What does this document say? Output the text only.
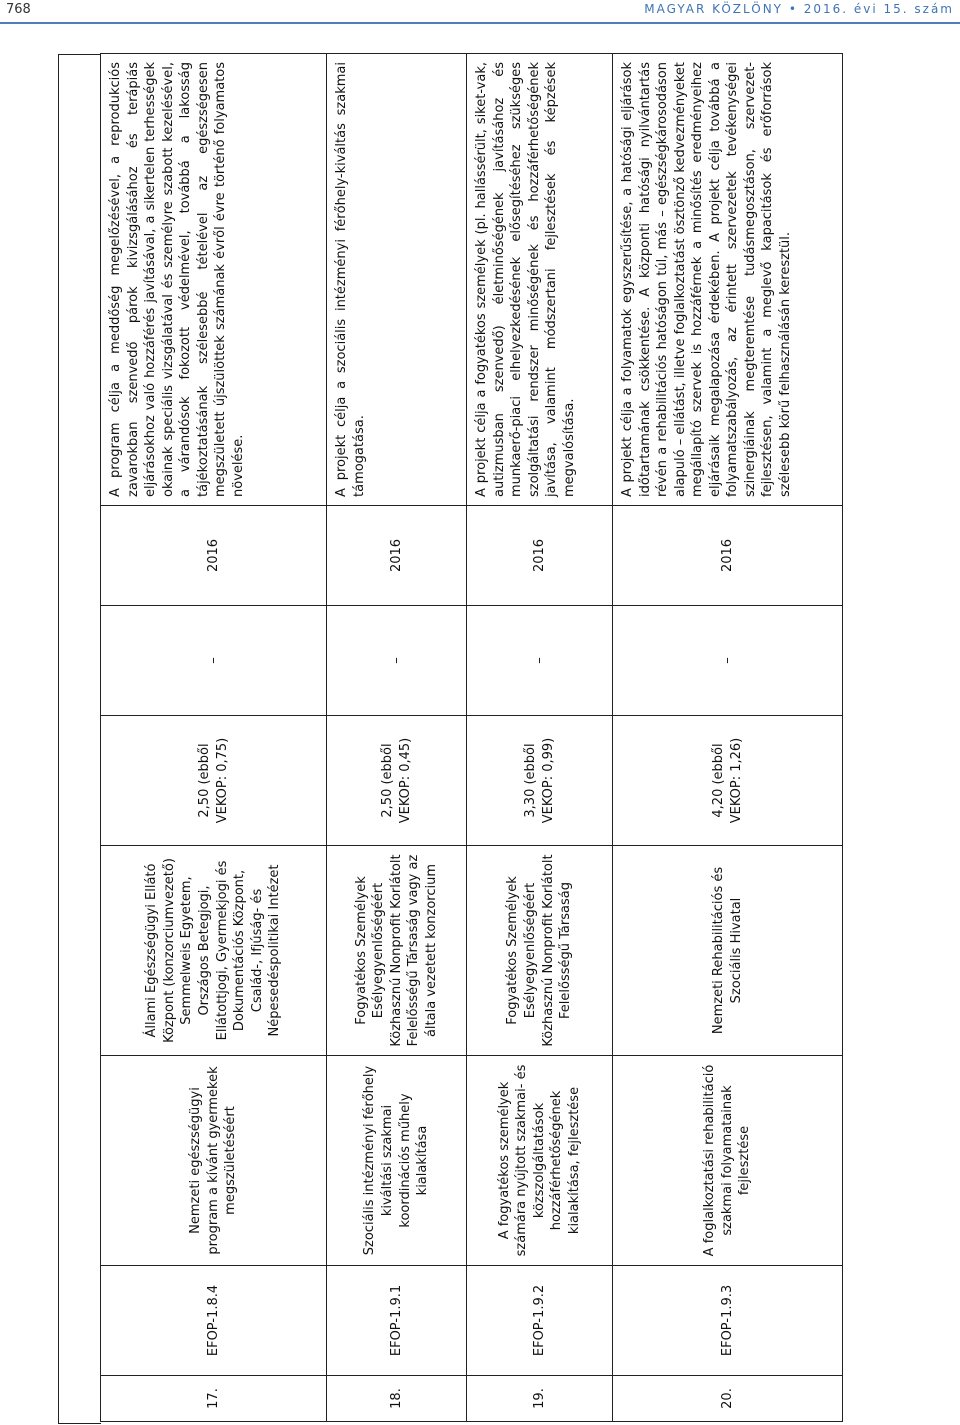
768	MAGYAR KÖZLÖNY • 2016. évi 15. szám
17.	EFOP-1.8.4	Nemzeti egészségügyi program a kívánt gyermekek megszületéséért	Állami Egészségügyi Ellátó Központ (konzorciumvezető) Semmelweis Egyetem, Országos Betegjogi, Ellátottjogi, Gyermekjogi és Dokumentációs Központ, Család-, Ifjúság- és Népesedéspolitikai Intézet	2,50 (ebből VEKOP: 0,75)	–	2016	A program célja a meddőség megelőzésével, a reprodukciós zavarokban szenvedő párok kivizsgálásához és terápiás eljárásokhoz való hozzáférés javításával, a sikertelen terhességek okainak speciális vizsgálatával és személyre szabott kezelésével, a várandósok fokozott védelmével, továbbá a lakosság tájékoztatásának szélesebbé tételével az egészségesen megszületett újszülöttek számának évről évre történő folyamatos növelése.
18.	EFOP-1.9.1	Szociális intézményi férőhely kiváltási szakmai koordinációs műhely kialakítása	Fogyatékos Személyek Esélyegyenlőségéért Közhasznú Nonprofit Korlátolt Felelősségű Társaság vagy az általa vezetett konzorcium	2,50 (ebből VEKOP: 0,45)	–	2016	A projekt célja a szociális intézményi férőhely-kiváltás szakmai támogatása.
19.	EFOP-1.9.2	A fogyatékos személyek számára nyújtott szakmai- és közszolgáltatások hozzáférhetőségének kialakítása, fejlesztése	Fogyatékos Személyek Esélyegyenlőségéért Közhasznú Nonprofit Korlátolt Felelősségű Társaság	3,30 (ebből VEKOP: 0,99)	–	2016	A projekt célja a fogyatékos személyek (pl. hallássérült, siket-vak, autizmusban szenvedő) életminőségének javításához és munkaerő-piaci elhelyezkedésének elősegítéséhez szükséges szolgáltatási rendszer minőségének és hozzáférhetőségének javítása, valamint módszertani fejlesztések és képzések megvalósítása.
20.	EFOP-1.9.3	A foglalkoztatási rehabilitáció szakmai folyamatainak fejlesztése	Nemzeti Rehabilitációs és Szociális Hivatal	4,20 (ebből VEKOP: 1,26)	–	2016	A projekt célja a folyamatok egyszerűsítése, a hatósági eljárások időtartamának csökkentése. A központi hatósági nyilvántartás révén a rehabilitációs hatóságon túl, más – egészségkárosodáson alapuló – ellátást, illetve foglalkoztatást ösztönző kedvezményeket megállapító szervek is hozzáférnek a minősítés eredményeihez eljárásaik megalapozása érdekében. A projekt célja továbbá a folyamatszabályozás, az érintett szervezetek tevékenységei szinergiáinak megteremtése tudásmegosztáson, szervezet-fejlesztésen, valamint a meglevő kapacitások és erőforrások szélesebb körű felhasználásán keresztül.
